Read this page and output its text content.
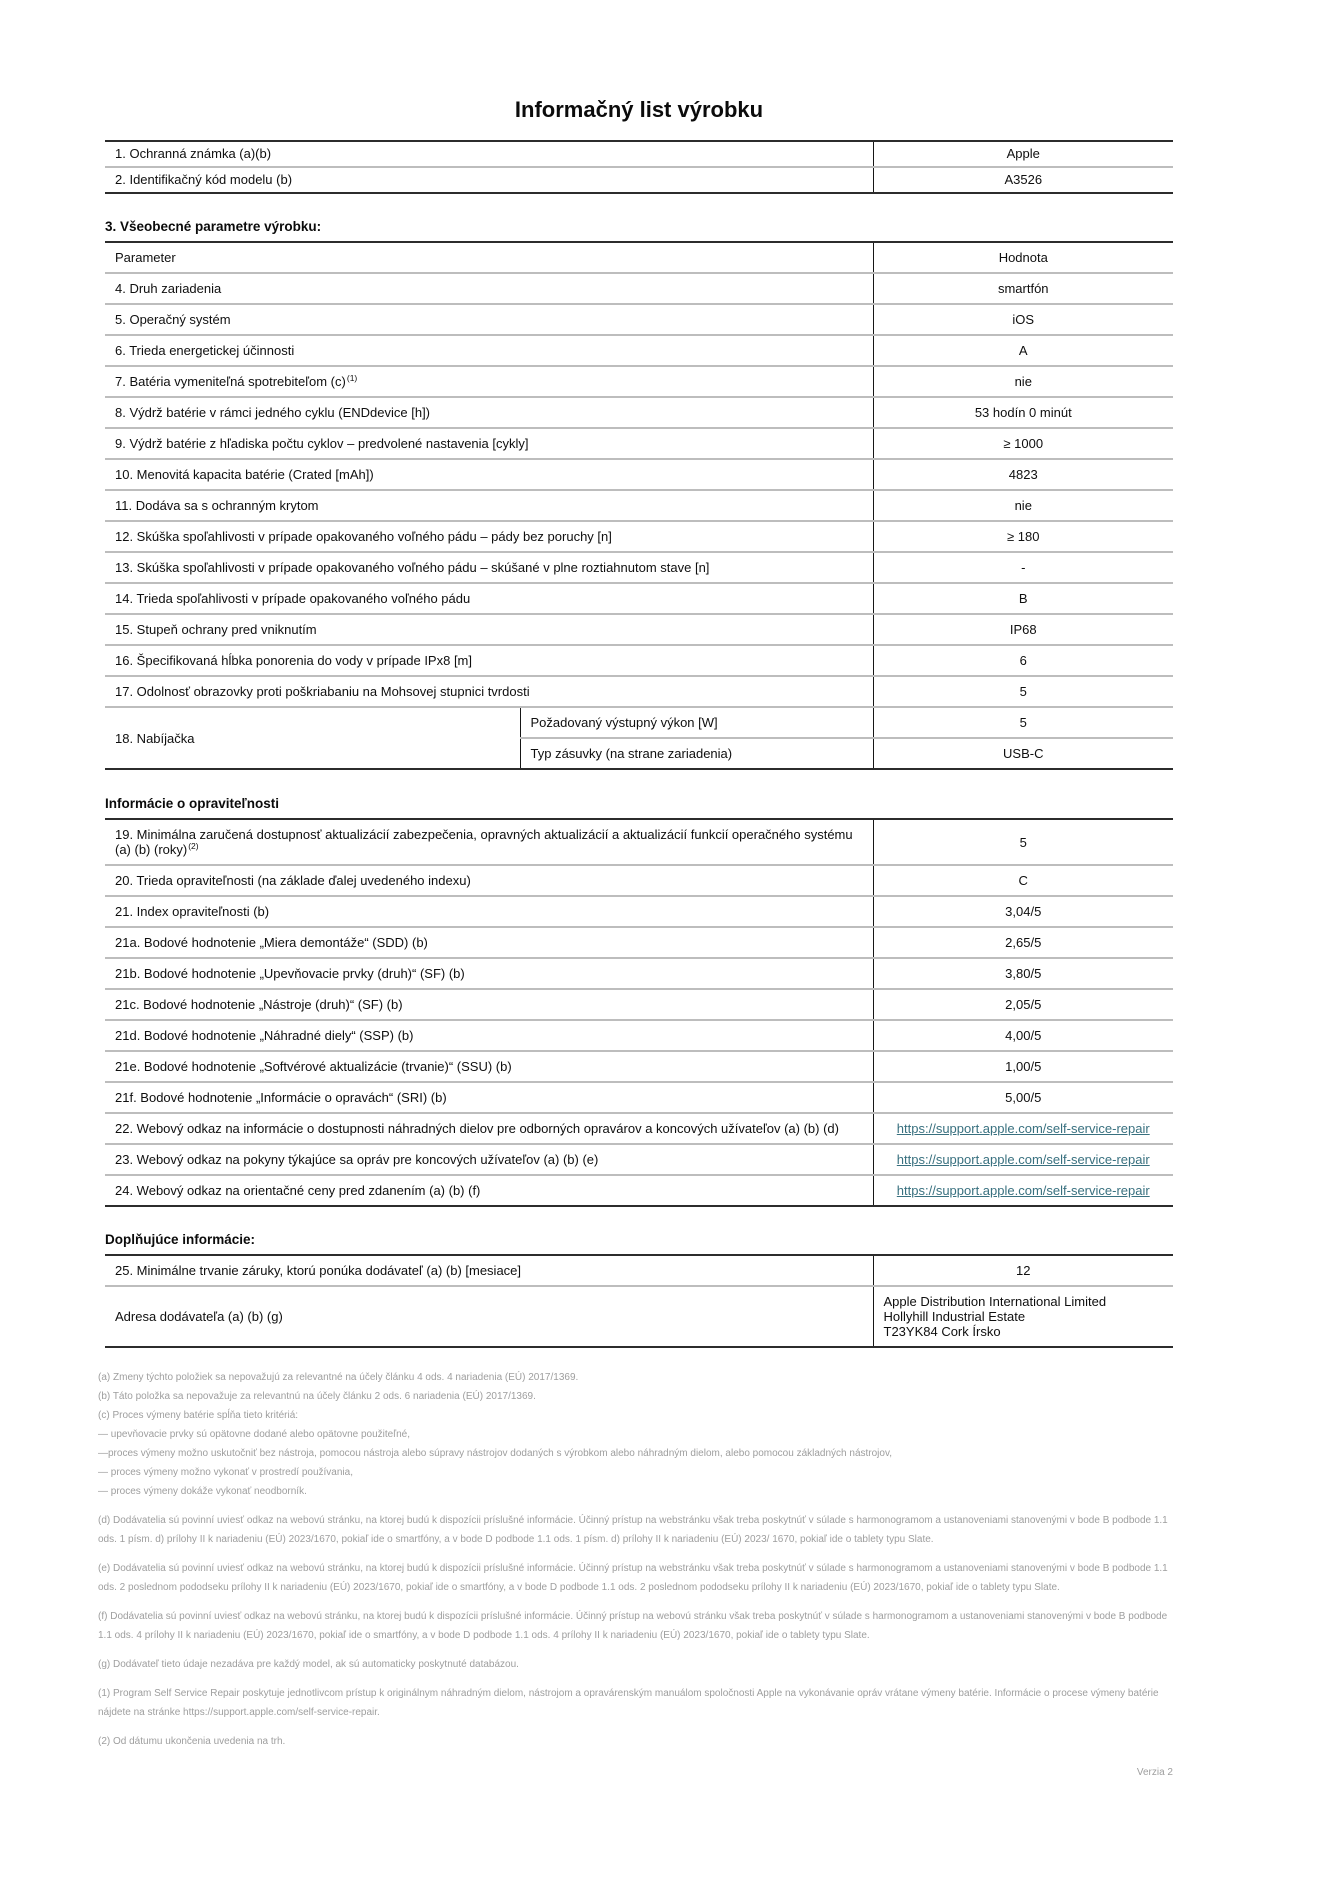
Informačný list výrobku
1. Ochranná známka (a)(b)	Apple
2. Identifikačný kód modelu (b)	A3526
3. Všeobecné parametre výrobku:
Parameter		Hodnota
4. Druh zariadenia		smartfón
5. Operačný systém		iOS
6. Trieda energetickej účinnosti		A
7. Batéria vymeniteľná spotrebiteľom (c)$^{(1)}$		nie
8. Výdrž batérie v rámci jedného cyklu (ENDdevice [h])		53 hodín 0 minút
9. Výdrž batérie z hľadiska počtu cyklov – predvolené nastavenia [cykly]		≥ 1000
10. Menovitá kapacita batérie (Crated [mAh])		4823
11. Dodáva sa s ochranným krytom		nie
12. Skúška spoľahlivosti v prípade opakovaného voľného pádu – pády bez poruchy [n]		≥ 180
13. Skúška spoľahlivosti v prípade opakovaného voľného pádu – skúšané v plne roztiahnutom stave [n]		-
14. Trieda spoľahlivosti v prípade opakovaného voľného pádu		B
15. Stupeň ochrany pred vniknutím		IP68
16. Špecifikovaná hĺbka ponorenia do vody v prípade IPx8 [m]		6
17. Odolnosť obrazovky proti poškriabaniu na Mohsovej stupnici tvrdosti		5
18. Nabíjačka	Požadovaný výstupný výkon [W]	5
	Typ zásuvky (na strane zariadenia)	USB-C
Informácie o opraviteľnosti
19. Minimálna zaručená dostupnosť aktualizácií zabezpečenia, opravných aktualizácií a aktualizácií funkcií operačného systému (a) (b) (roky)$^{(2)}$	5
20. Trieda opraviteľnosti (na základe ďalej uvedeného indexu)	C
21. Index opraviteľnosti (b)	3,04/5
21a. Bodové hodnotenie „Miera demontáže“ (SDD) (b)	2,65/5
21b. Bodové hodnotenie „Upevňovacie prvky (druh)“ (SF) (b)	3,80/5
21c. Bodové hodnotenie „Nástroje (druh)“ (SF) (b)	2,05/5
21d. Bodové hodnotenie „Náhradné diely“ (SSP) (b)	4,00/5
21e. Bodové hodnotenie „Softvérové aktualizácie (trvanie)“ (SSU) (b)	1,00/5
21f. Bodové hodnotenie „Informácie o opravách“ (SRI) (b)	5,00/5
22. Webový odkaz na informácie o dostupnosti náhradných dielov pre odborných opravárov a koncových užívateľov (a) (b) (d)	https://support.apple.com/self-service-repair
23. Webový odkaz na pokyny týkajúce sa opráv pre koncových užívateľov (a) (b) (e)	https://support.apple.com/self-service-repair
24. Webový odkaz na orientačné ceny pred zdanením (a) (b) (f)	https://support.apple.com/self-service-repair
Doplňujúce informácie:
25. Minimálne trvanie záruky, ktorú ponúka dodávateľ (a) (b) [mesiace]	12
Adresa dodávateľa (a) (b) (g)	Apple Distribution International Limited
Hollyhill Industrial Estate
T23YK84 Cork Írsko
(a) Zmeny týchto položiek sa nepovažujú za relevantné na účely článku 4 ods. 4 nariadenia (EÚ) 2017/1369.
(b) Táto položka sa nepovažuje za relevantnú na účely článku 2 ods. 6 nariadenia (EÚ) 2017/1369.
(c) Proces výmeny batérie spĺňa tieto kritériá:
— upevňovacie prvky sú opätovne dodané alebo opätovne použiteľné,
—proces výmeny možno uskutočniť bez nástroja, pomocou nástroja alebo súpravy nástrojov dodaných s výrobkom alebo náhradným dielom, alebo pomocou základných nástrojov,
— proces výmeny možno vykonať v prostredí používania,
— proces výmeny dokáže vykonať neodborník.

(d) Dodávatelia sú povinní uviesť odkaz na webovú stránku, na ktorej budú k dispozícii príslušné informácie. Účinný prístup na webstránku však treba poskytnúť v súlade s harmonogramom a ustanoveniami stanovenými v bode B podbode 1.1 ods. 1 písm. d) prílohy II k nariadeniu (EÚ) 2023/1670, pokiaľ ide o smartfóny, a v bode D podbode 1.1 ods. 1 písm. d) prílohy II k nariadeniu (EÚ) 2023/ 1670, pokiaľ ide o tablety typu Slate.

(e) Dodávatelia sú povinní uviesť odkaz na webovú stránku, na ktorej budú k dispozícii príslušné informácie. Účinný prístup na webstránku však treba poskytnúť v súlade s harmonogramom a ustanoveniami stanovenými v bode B podbode 1.1 ods. 2 poslednom pododseku prílohy II k nariadeniu (EÚ) 2023/1670, pokiaľ ide o smartfóny, a v bode D podbode 1.1 ods. 2 poslednom pododseku prílohy II k nariadeniu (EÚ) 2023/1670, pokiaľ ide o tablety typu Slate.

(f) Dodávatelia sú povinní uviesť odkaz na webovú stránku, na ktorej budú k dispozícii príslušné informácie. Účinný prístup na webovú stránku však treba poskytnúť v súlade s harmonogramom a ustanoveniami stanovenými v bode B podbode 1.1 ods. 4 prílohy II k nariadeniu (EÚ) 2023/1670, pokiaľ ide o smartfóny, a v bode D podbode 1.1 ods. 4 prílohy II k nariadeniu (EÚ) 2023/1670, pokiaľ ide o tablety typu Slate.

(g) Dodávateľ tieto údaje nezadáva pre každý model, ak sú automaticky poskytnuté databázou.

(1) Program Self Service Repair poskytuje jednotlivcom prístup k originálnym náhradným dielom, nástrojom a opravárenským manuálom spoločnosti Apple na vykonávanie opráv vrátane výmeny batérie. Informácie o procese výmeny batérie nájdete na stránke https://support.apple.com/self-service-repair.

(2) Od dátumu ukončenia uvedenia na trh.

Verzia 2
